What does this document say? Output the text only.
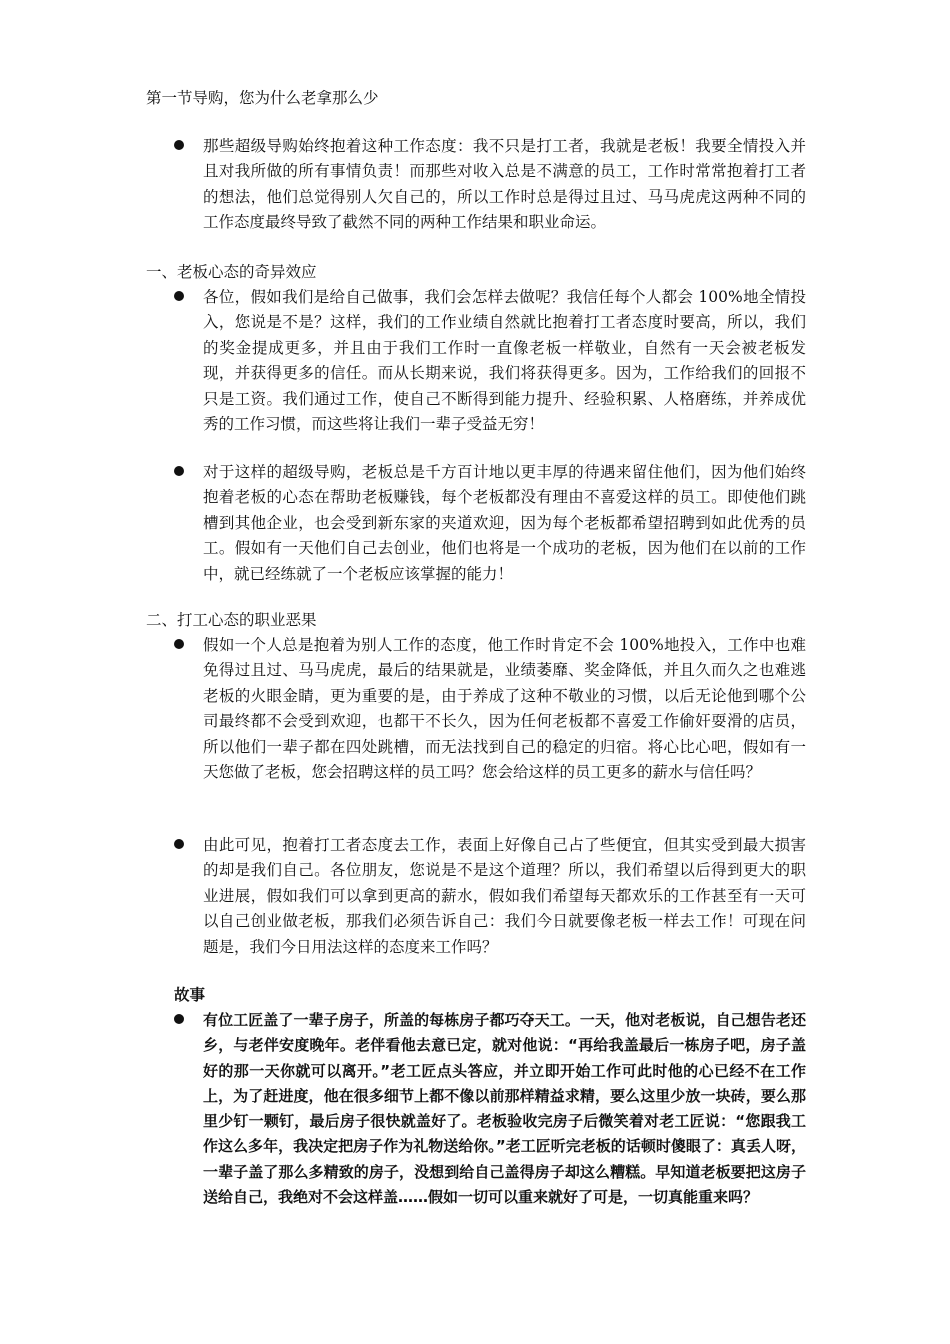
第一节导购，您为什么老拿那么少
那些超级导购始终抱着这种工作态度：我不只是打工者，我就是老板！我要全情投入并且对我所做的所有事情负责！而那些对收入总是不满意的员工，工作时常常抱着打工者的想法，他们总觉得别人欠自己的，所以工作时总是得过且过、马马虎虎这两种不同的工作态度最终导致了截然不同的两种工作结果和职业命运。
一、老板心态的奇异效应
各位，假如我们是给自己做事，我们会怎样去做呢？我信任每个人都会 100%地全情投入，您说是不是？这样，我们的工作业绩自然就比抱着打工者态度时要高，所以，我们的奖金提成更多，并且由于我们工作时一直像老板一样敬业，自然有一天会被老板发现，并获得更多的信任。而从长期来说，我们将获得更多。因为，工作给我们的回报不只是工资。我们通过工作，使自己不断得到能力提升、经验积累、人格磨练，并养成优秀的工作习惯，而这些将让我们一辈子受益无穷！
对于这样的超级导购，老板总是千方百计地以更丰厚的待遇来留住他们，因为他们始终抱着老板的心态在帮助老板赚钱，每个老板都没有理由不喜爱这样的员工。即使他们跳槽到其他企业，也会受到新东家的夹道欢迎，因为每个老板都希望招聘到如此优秀的员工。假如有一天他们自己去创业，他们也将是一个成功的老板，因为他们在以前的工作中，就已经练就了一个老板应该掌握的能力！
二、打工心态的职业恶果
假如一个人总是抱着为别人工作的态度，他工作时肯定不会 100%地投入，工作中也难免得过且过、马马虎虎，最后的结果就是，业绩萎靡、奖金降低，并且久而久之也难逃老板的火眼金睛，更为重要的是，由于养成了这种不敬业的习惯，以后无论他到哪个公司最终都不会受到欢迎，也都干不长久，因为任何老板都不喜爱工作偷奸耍滑的店员，所以他们一辈子都在四处跳槽，而无法找到自己的稳定的归宿。将心比心吧，假如有一天您做了老板，您会招聘这样的员工吗？您会给这样的员工更多的薪水与信任吗？
由此可见，抱着打工者态度去工作，表面上好像自己占了些便宜，但其实受到最大损害的却是我们自己。各位朋友，您说是不是这个道理？所以，我们希望以后得到更大的职业进展，假如我们可以拿到更高的薪水，假如我们希望每天都欢乐的工作甚至有一天可以自己创业做老板，那我们必须告诉自己：我们今日就要像老板一样去工作！可现在问题是，我们今日用法这样的态度来工作吗？
故事
有位工匠盖了一辈子房子，所盖的每栋房子都巧夺天工。一天，他对老板说，自己想告老还乡，与老伴安度晚年。老伴看他去意已定，就对他说：“再给我盖最后一栋房子吧，房子盖好的那一天你就可以离开。”老工匠点头答应，并立即开始工作可此时他的心已经不在工作上，为了赶进度，他在很多细节上都不像以前那样精益求精，要么这里少放一块砖，要么那里少钉一颗钉，最后房子很快就盖好了。老板验收完房子后微笑着对老工匠说：“您跟我工作这么多年，我决定把房子作为礼物送给你。”老工匠听完老板的话顿时傻眼了：真丢人呀，一辈子盖了那么多精致的房子，没想到给自己盖得房子却这么糟糕。早知道老板要把这房子送给自己，我绝对不会这样盖……假如一切可以重来就好了可是，一切真能重来吗？
